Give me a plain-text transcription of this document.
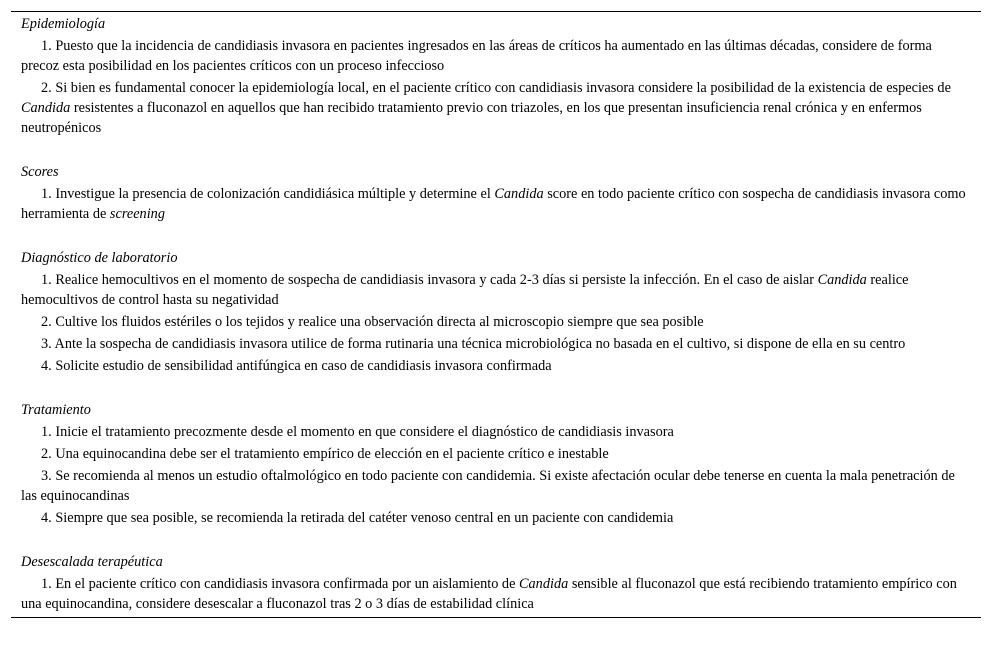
Epidemiología
1. Puesto que la incidencia de candidiasis invasora en pacientes ingresados en las áreas de críticos ha aumentado en las últimas décadas, considere de forma precoz esta posibilidad en los pacientes críticos con un proceso infeccioso
2. Si bien es fundamental conocer la epidemiología local, en el paciente crítico con candidiasis invasora considere la posibilidad de la existencia de especies de Candida resistentes a fluconazol en aquellos que han recibido tratamiento previo con triazoles, en los que presentan insuficiencia renal crónica y en enfermos neutropénicos
Scores
1. Investigue la presencia de colonización candidiásica múltiple y determine el Candida score en todo paciente crítico con sospecha de candidiasis invasora como herramienta de screening
Diagnóstico de laboratorio
1. Realice hemocultivos en el momento de sospecha de candidiasis invasora y cada 2-3 días si persiste la infección. En el caso de aislar Candida realice hemocultivos de control hasta su negatividad
2. Cultive los fluidos estériles o los tejidos y realice una observación directa al microscopio siempre que sea posible
3. Ante la sospecha de candidiasis invasora utilice de forma rutinaria una técnica microbiológica no basada en el cultivo, si dispone de ella en su centro
4. Solicite estudio de sensibilidad antifúngica en caso de candidiasis invasora confirmada
Tratamiento
1. Inicie el tratamiento precozmente desde el momento en que considere el diagnóstico de candidiasis invasora
2. Una equinocandina debe ser el tratamiento empírico de elección en el paciente crítico e inestable
3. Se recomienda al menos un estudio oftalmológico en todo paciente con candidemia. Si existe afectación ocular debe tenerse en cuenta la mala penetración de las equinocandinas
4. Siempre que sea posible, se recomienda la retirada del catéter venoso central en un paciente con candidemia
Desescalada terapéutica
1. En el paciente crítico con candidiasis invasora confirmada por un aislamiento de Candida sensible al fluconazol que está recibiendo tratamiento empírico con una equinocandina, considere desescalar a fluconazol tras 2 o 3 días de estabilidad clínica
